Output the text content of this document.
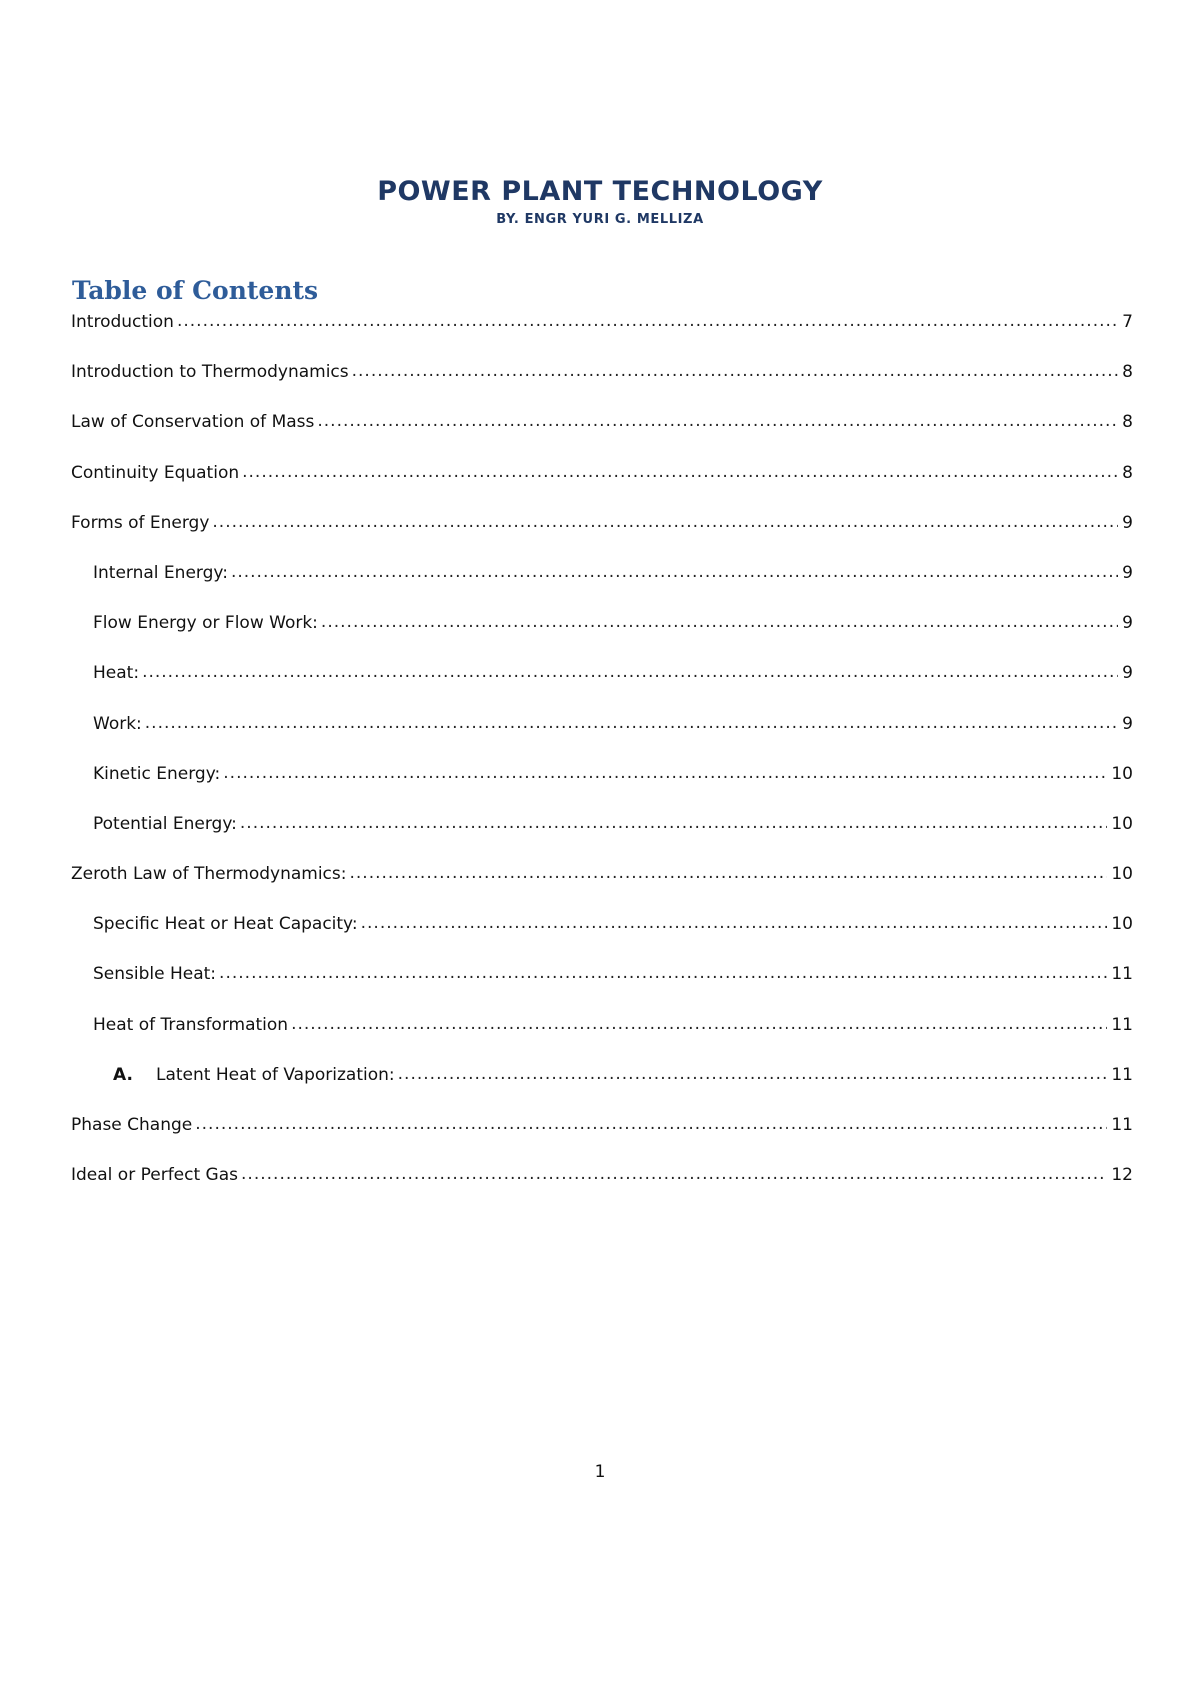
POWER PLANT TECHNOLOGY

BY. ENGR YURI G. MELLIZA

Table of Contents
Introduction .....	7
Introduction to Thermodynamics .....	8
Law of Conservation of Mass .....	8
Continuity Equation .....	8
Forms of Energy .....	9
Internal Energy: .....	9
Flow Energy or Flow Work: .....	9
Heat: .....	9
Work: .....	9
Kinetic Energy: .....	10
Potential Energy: .....	10
Zeroth Law of Thermodynamics: .....	10
Specific Heat or Heat Capacity: .....	10
Sensible Heat: .....	11
Heat of Transformation .....	11
A. Latent Heat of Vaporization: .....	11
Phase Change .....	11
Ideal or Perfect Gas .....	12

1
